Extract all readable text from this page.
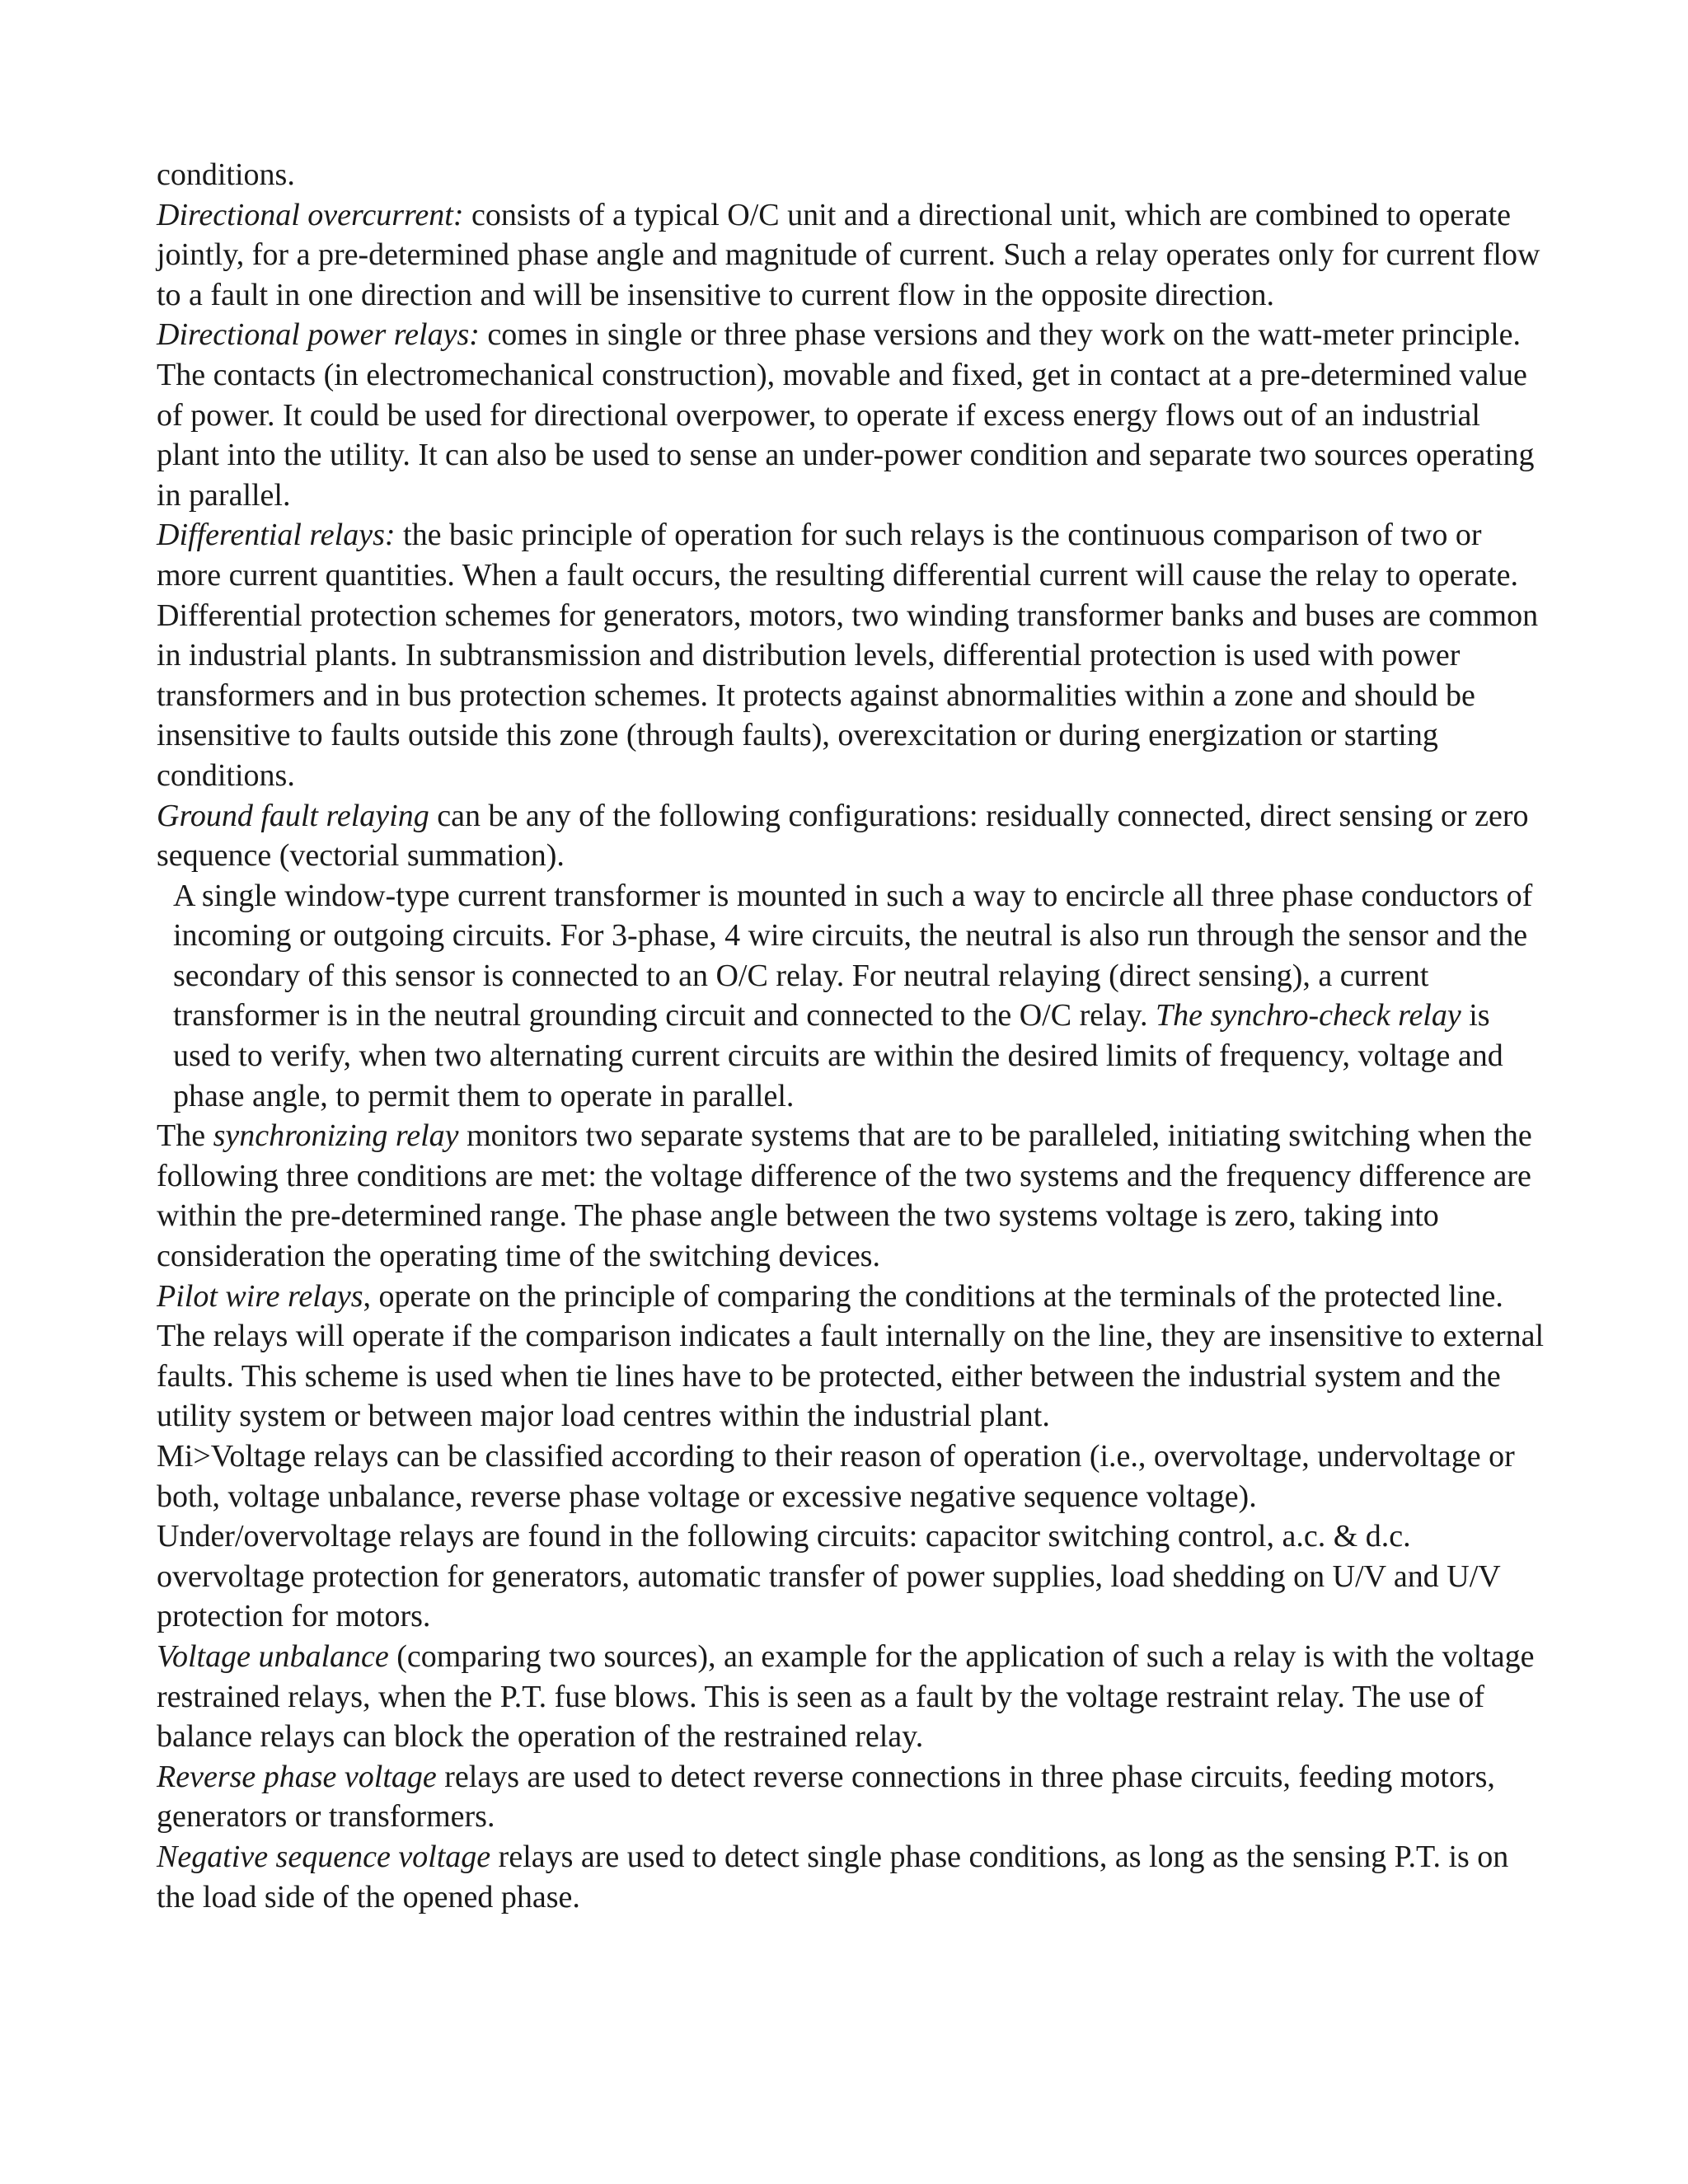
conditions.

Directional overcurrent: consists of a typical O/C unit and a directional unit, which are combined to operate jointly, for a pre-determined phase angle and magnitude of current. Such a relay operates only for current flow to a fault in one direction and will be insensitive to current flow in the opposite direction.

Directional power relays: comes in single or three phase versions and they work on the watt-meter principle. The contacts (in electromechanical construction), movable and fixed, get in contact at a pre-determined value of power. It could be used for directional overpower, to operate if excess energy flows out of an industrial plant into the utility. It can also be used to sense an under-power condition and separate two sources operating in parallel.

Differential relays: the basic principle of operation for such relays is the continuous comparison of two or more current quantities. When a fault occurs, the resulting differential current will cause the relay to operate. Differential protection schemes for generators, motors, two winding transformer banks and buses are common in industrial plants. In subtransmission and distribution levels, differential protection is used with power transformers and in bus protection schemes. It protects against abnormalities within a zone and should be insensitive to faults outside this zone (through faults), overexcitation or during energization or starting conditions.

Ground fault relaying can be any of the following configurations: residually connected, direct sensing or zero sequence (vectorial summation).

A single window-type current transformer is mounted in such a way to encircle all three phase conductors of incoming or outgoing circuits. For 3-phase, 4 wire circuits, the neutral is also run through the sensor and the secondary of this sensor is connected to an O/C relay. For neutral relaying (direct sensing), a current transformer is in the neutral grounding circuit and connected to the O/C relay. The synchro-check relay is used to verify, when two alternating current circuits are within the desired limits of frequency, voltage and phase angle, to permit them to operate in parallel.

The synchronizing relay monitors two separate systems that are to be paralleled, initiating switching when the following three conditions are met: the voltage difference of the two systems and the frequency difference are within the pre-determined range. The phase angle between the two systems voltage is zero, taking into consideration the operating time of the switching devices.

Pilot wire relays, operate on the principle of comparing the conditions at the terminals of the protected line. The relays will operate if the comparison indicates a fault internally on the line, they are insensitive to external faults. This scheme is used when tie lines have to be protected, either between the industrial system and the utility system or between major load centres within the industrial plant.

Mi>Voltage relays can be classified according to their reason of operation (i.e., overvoltage, undervoltage or both, voltage unbalance, reverse phase voltage or excessive negative sequence voltage).

Under/overvoltage relays are found in the following circuits: capacitor switching control, a.c. & d.c. overvoltage protection for generators, automatic transfer of power supplies, load shedding on U/V and U/V protection for motors.

Voltage unbalance (comparing two sources), an example for the application of such a relay is with the voltage restrained relays, when the P.T. fuse blows. This is seen as a fault by the voltage restraint relay. The use of balance relays can block the operation of the restrained relay.

Reverse phase voltage relays are used to detect reverse connections in three phase circuits, feeding motors, generators or transformers.

Negative sequence voltage relays are used to detect single phase conditions, as long as the sensing P.T. is on the load side of the opened phase.
